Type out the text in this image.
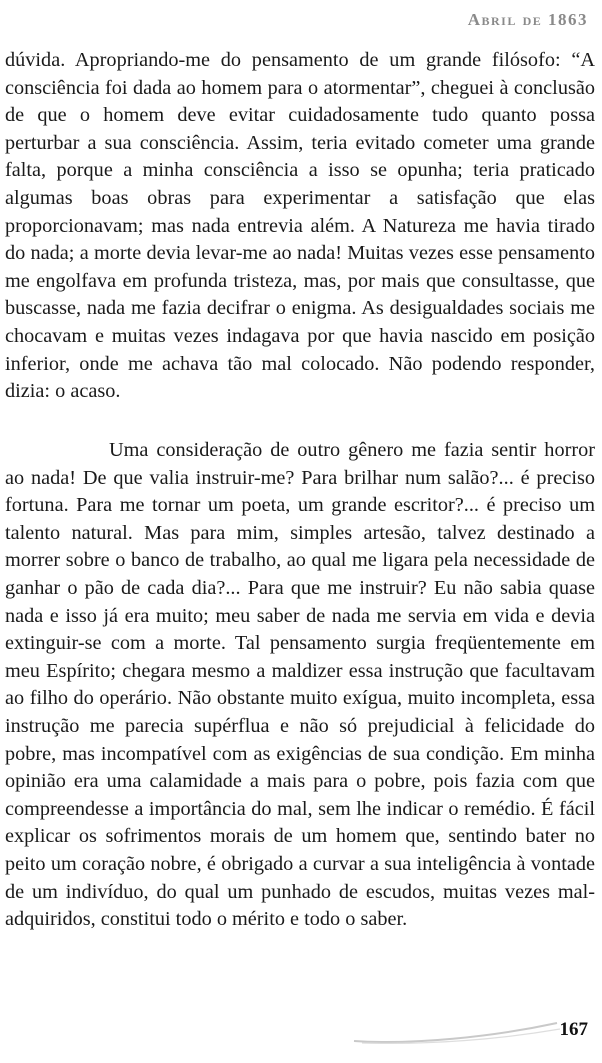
Abril de 1863

dúvida. Apropriando-me do pensamento de um grande filósofo: “A consciência foi dada ao homem para o atormentar”, cheguei à conclusão de que o homem deve evitar cuidadosamente tudo quanto possa perturbar a sua consciência. Assim, teria evitado cometer uma grande falta, porque a minha consciência a isso se opunha; teria praticado algumas boas obras para experimentar a satisfação que elas proporcionavam; mas nada entrevia além. A Natureza me havia tirado do nada; a morte devia levar-me ao nada! Muitas vezes esse pensamento me engolfava em profunda tristeza, mas, por mais que consultasse, que buscasse, nada me fazia decifrar o enigma. As desigualdades sociais me chocavam e muitas vezes indagava por que havia nascido em posição inferior, onde me achava tão mal colocado. Não podendo responder, dizia: o acaso.

Uma consideração de outro gênero me fazia sentir horror ao nada! De que valia instruir-me? Para brilhar num salão?... é preciso fortuna. Para me tornar um poeta, um grande escritor?... é preciso um talento natural. Mas para mim, simples artesão, talvez destinado a morrer sobre o banco de trabalho, ao qual me ligara pela necessidade de ganhar o pão de cada dia?... Para que me instruir? Eu não sabia quase nada e isso já era muito; meu saber de nada me servia em vida e devia extinguir-se com a morte. Tal pensamento surgia freqüentemente em meu Espírito; chegara mesmo a maldizer essa instrução que facultavam ao filho do operário. Não obstante muito exígua, muito incompleta, essa instrução me parecia supérflua e não só prejudicial à felicidade do pobre, mas incompatível com as exigências de sua condição. Em minha opinião era uma calamidade a mais para o pobre, pois fazia com que compreendesse a importância do mal, sem lhe indicar o remédio. É fácil explicar os sofrimentos morais de um homem que, sentindo bater no peito um coração nobre, é obrigado a curvar a sua inteligência à vontade de um indivíduo, do qual um punhado de escudos, muitas vezes mal-adquiridos, constitui todo o mérito e todo o saber.

167
